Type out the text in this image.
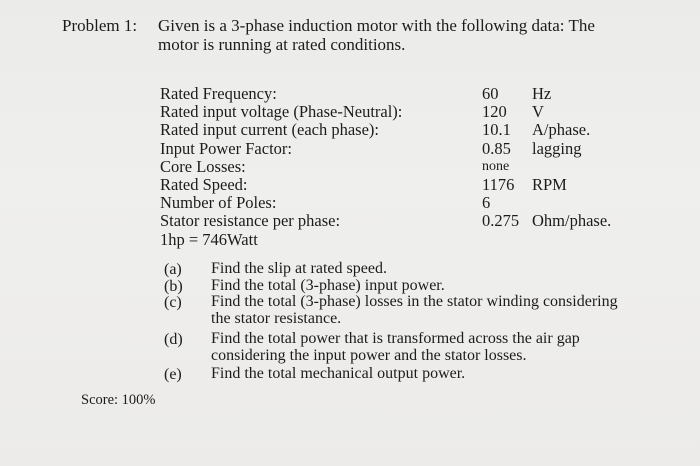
Problem 1: Given is a 3-phase induction motor with the following data: The motor is running at rated conditions.
Rated Frequency:	60 Hz
Rated input voltage (Phase-Neutral):	120 V
Rated input current (each phase):	10.1 A/phase.
Input Power Factor:	0.85 lagging
Core Losses:	none
Rated Speed:	1176 RPM
Number of Poles:	6
Stator resistance per phase:	0.275 Ohm/phase.
1hp = 746Watt
(a)	Find the slip at rated speed.
(b)	Find the total (3-phase) input power.
(c)	Find the total (3-phase) losses in the stator winding considering the stator resistance.
(d)	Find the total power that is transformed across the air gap considering the input power and the stator losses.
(e)	Find the total mechanical output power.
Score: 100%
